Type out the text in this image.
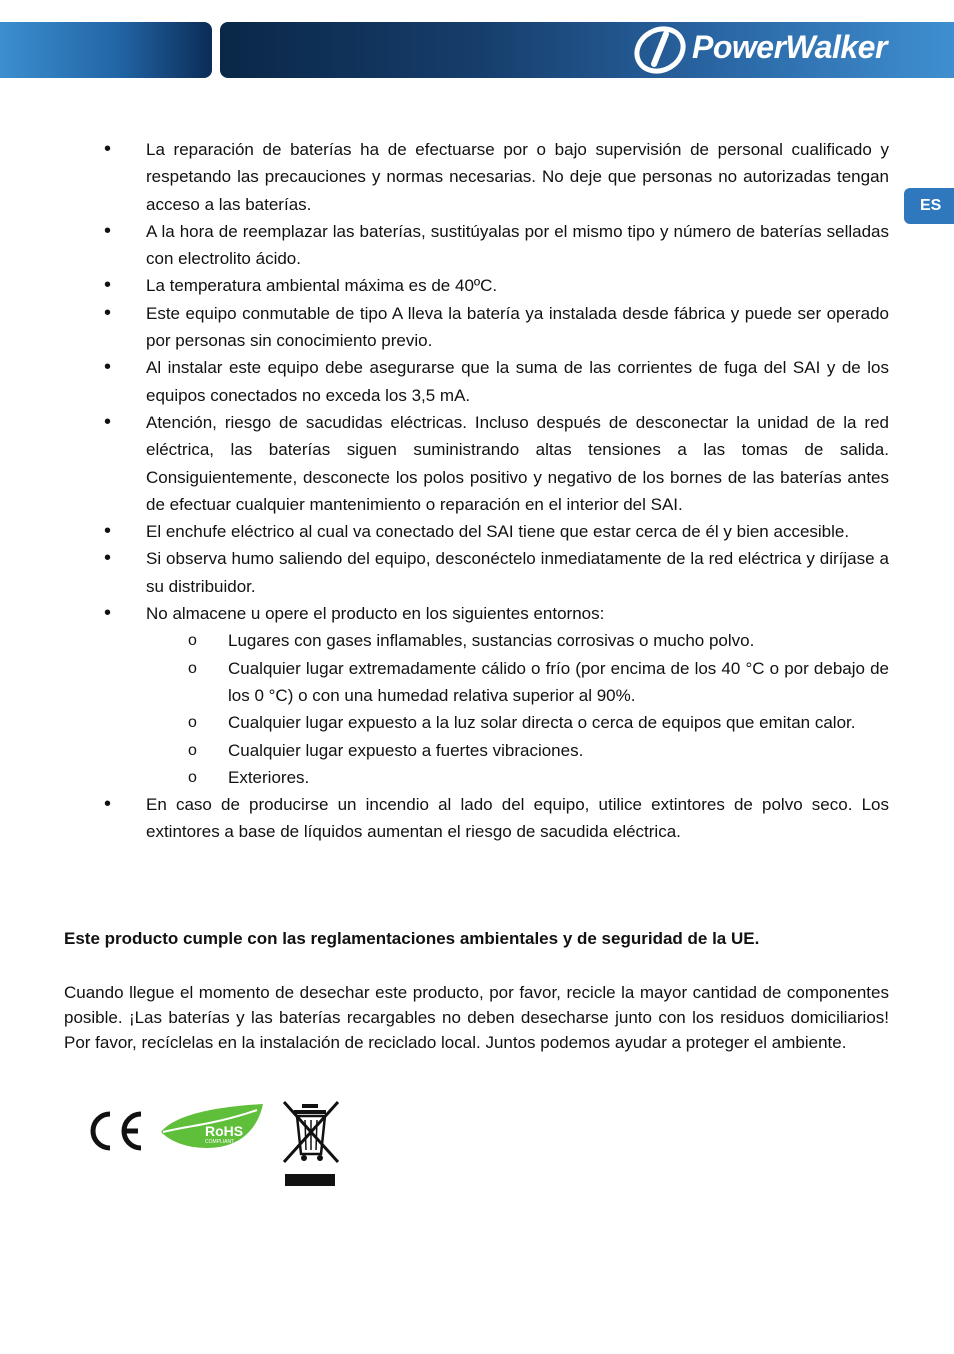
PowerWalker
ES
• La reparación de baterías ha de efectuarse por o bajo supervisión de personal cualificado y respetando las precauciones y normas necesarias. No deje que personas no autorizadas tengan acceso a las baterías.
• A la hora de reemplazar las baterías, sustitúyalas por el mismo tipo y número de baterías selladas con electrolito ácido.
• La temperatura ambiental máxima es de 40ºC.
• Este equipo conmutable de tipo A lleva la batería ya instalada desde fábrica y puede ser operado por personas sin conocimiento previo.
• Al instalar este equipo debe asegurarse que la suma de las corrientes de fuga del SAI y de los equipos conectados no exceda los 3,5 mA.
• Atención, riesgo de sacudidas eléctricas. Incluso después de desconectar la unidad de la red eléctrica, las baterías siguen suministrando altas tensiones a las tomas de salida. Consiguientemente, desconecte los polos positivo y negativo de los bornes de las baterías antes de efectuar cualquier mantenimiento o reparación en el interior del SAI.
• El enchufe eléctrico al cual va conectado del SAI tiene que estar cerca de él y bien accesible.
• Si observa humo saliendo del equipo, desconéctelo inmediatamente de la red eléctrica y diríjase a su distribuidor.
• No almacene u opere el producto en los siguientes entornos:
o Lugares con gases inflamables, sustancias corrosivas o mucho polvo.
o Cualquier lugar extremadamente cálido o frío (por encima de los 40 °C o por debajo de los 0 °C) o con una humedad relativa superior al 90%.
o Cualquier lugar expuesto a la luz solar directa o cerca de equipos que emitan calor.
o Cualquier lugar expuesto a fuertes vibraciones.
o Exteriores.
• En caso de producirse un incendio al lado del equipo, utilice extintores de polvo seco. Los extintores a base de líquidos aumentan el riesgo de sacudida eléctrica.
Este producto cumple con las reglamentaciones ambientales y de seguridad de la UE.
Cuando llegue el momento de desechar este producto, por favor, recicle la mayor cantidad de componentes posible. ¡Las baterías y las baterías recargables no deben desecharse junto con los residuos domiciliarios! Por favor, recíclelas en la instalación de reciclado local. Juntos podemos ayudar a proteger el ambiente.
RoHS
COMPLIANT
